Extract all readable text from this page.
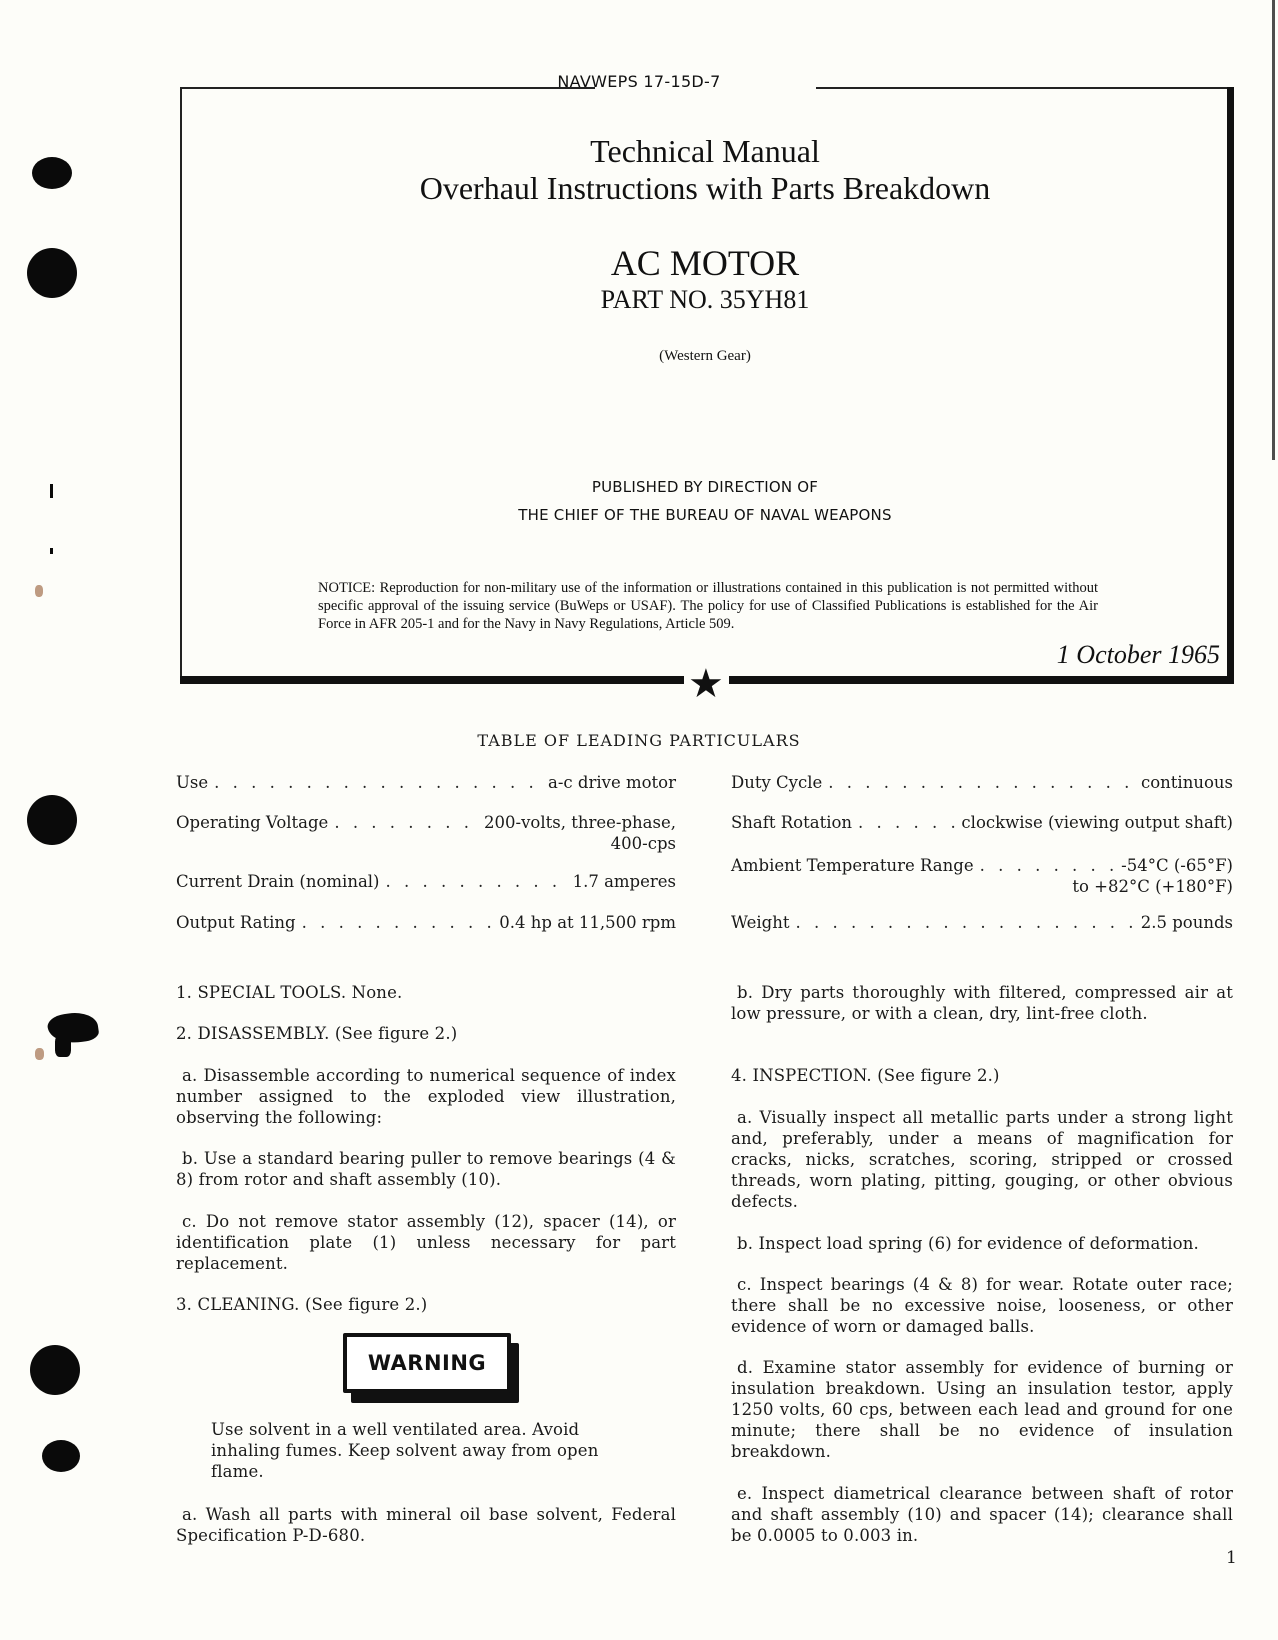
NAVWEPS 17-15D-7
★
Technical Manual
Overhaul Instructions with Parts Breakdown
AC MOTOR
PART NO. 35YH81
(Western Gear)
PUBLISHED BY DIRECTION OF
THE CHIEF OF THE BUREAU OF NAVAL WEAPONS
NOTICE: Reproduction for non-military use of the information or illustrations contained in this publication is not permitted without specific approval of the issuing service (BuWeps or USAF). The policy for use of Classified Publications is established for the Air Force in AFR 205-1 and for the Navy in Navy Regulations, Article 509.
1 October 1965
TABLE OF LEADING PARTICULARS
Use . . .	a-c drive motor
Operating Voltage . . .	200-volts, three-phase,
400-cps
Current Drain (nominal) . . .	1.7 amperes
Output Rating . . .	0.4 hp at 11,500 rpm
Duty Cycle . . .	continuous
Shaft Rotation . . .	clockwise (viewing output shaft)
Ambient Temperature Range . . .	-54°C (-65°F)
to +82°C (+180°F)
Weight . . .	2.5 pounds
1. SPECIAL TOOLS. None.
2. DISASSEMBLY. (See figure 2.)
a. Disassemble according to numerical sequence of index number assigned to the exploded view illustration, observing the following:
b. Use a standard bearing puller to remove bearings (4 & 8) from rotor and shaft assembly (10).
c. Do not remove stator assembly (12), spacer (14), or identification plate (1) unless necessary for part replacement.
3. CLEANING. (See figure 2.)
WARNING
Use solvent in a well ventilated area. Avoid inhaling fumes. Keep solvent away from open flame.
a. Wash all parts with mineral oil base solvent, Federal Specification P-D-680.
b. Dry parts thoroughly with filtered, compressed air at low pressure, or with a clean, dry, lint-free cloth.
4. INSPECTION. (See figure 2.)
a. Visually inspect all metallic parts under a strong light and, preferably, under a means of magnification for cracks, nicks, scratches, scoring, stripped or crossed threads, worn plating, pitting, gouging, or other obvious defects.
b. Inspect load spring (6) for evidence of deformation.
c. Inspect bearings (4 & 8) for wear. Rotate outer race; there shall be no excessive noise, looseness, or other evidence of worn or damaged balls.
d. Examine stator assembly for evidence of burning or insulation breakdown. Using an insulation testor, apply 1250 volts, 60 cps, between each lead and ground for one minute; there shall be no evidence of insulation breakdown.
e. Inspect diametrical clearance between shaft of rotor and shaft assembly (10) and spacer (14); clearance shall be 0.0005 to 0.003 in.
1
